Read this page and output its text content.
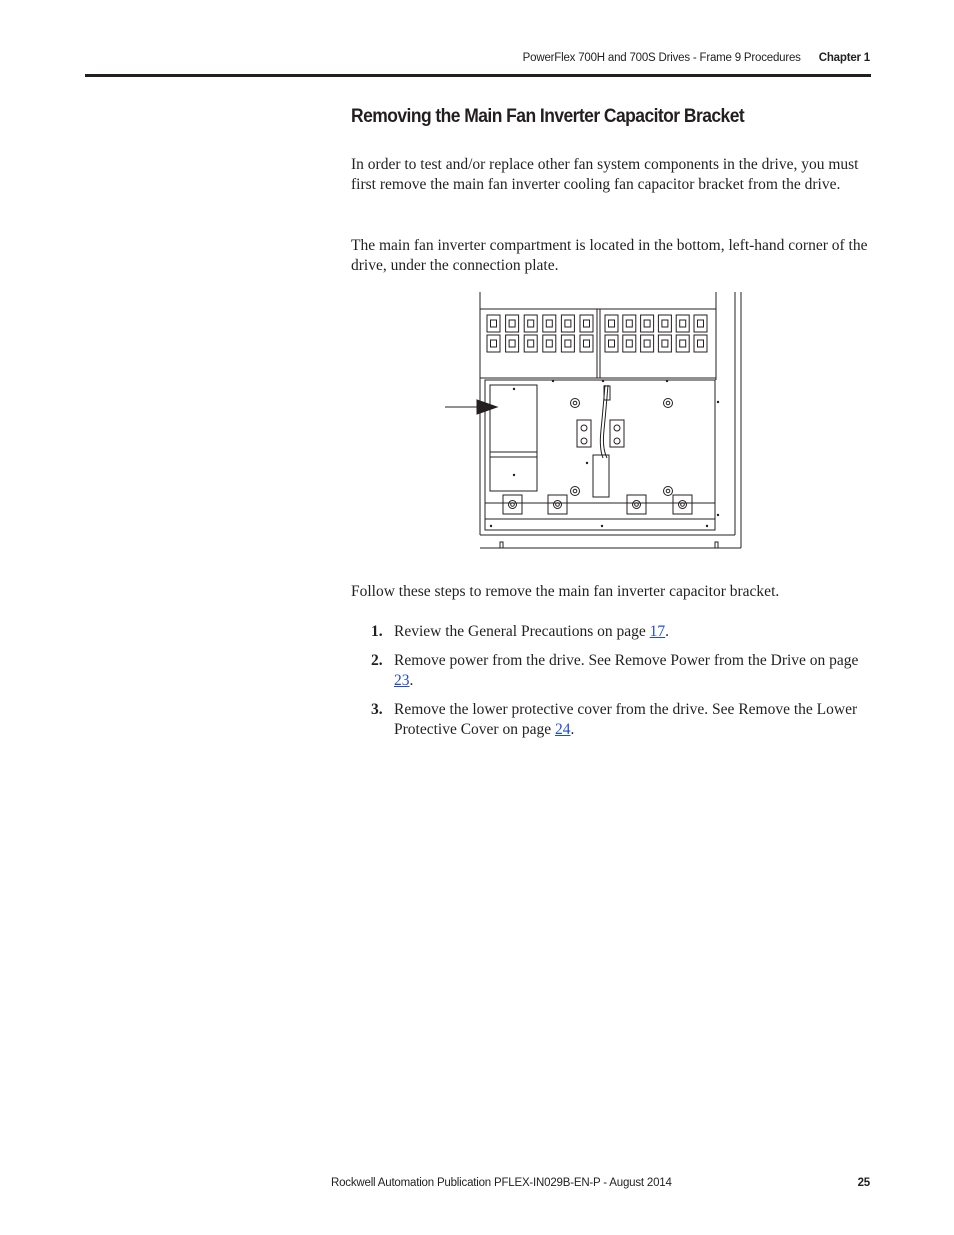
PowerFlex 700H and 700S Drives - Frame 9 Procedures Chapter 1
Removing the Main Fan Inverter Capacitor Bracket

In order to test and/or replace other fan system components in the drive, you must first remove the main fan inverter cooling fan capacitor bracket from the drive.

The main fan inverter compartment is located in the bottom, left-hand corner of the drive, under the connection plate.

Follow these steps to remove the main fan inverter capacitor bracket.

1. Review the General Precautions on page 17.
2. Remove power from the drive. See Remove Power from the Drive on page 23.
3. Remove the lower protective cover from the drive. See Remove the Lower Protective Cover on page 24.
Rockwell Automation Publication PFLEX-IN029B-EN-P - August 2014	25
